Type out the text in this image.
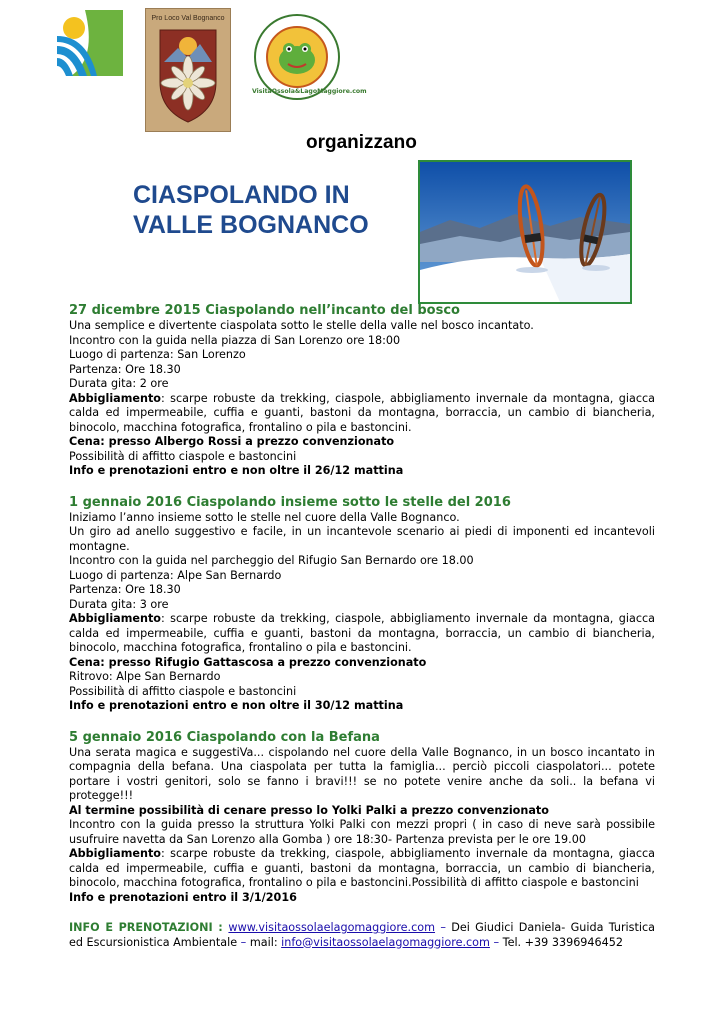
Pro Loco Val Bognanco
VisitaOssola&LagoMaggiore.com
organizzano
CIASPOLANDO IN
VALLE BOGNANCO
27 dicembre 2015 Ciaspolando nell’incanto del bosco
Una semplice e divertente ciaspolata sotto le stelle della valle nel bosco incantato.
Incontro con la guida nella piazza di San Lorenzo ore 18:00
Luogo di partenza: San Lorenzo
Partenza: Ore 18.30
Durata gita: 2 ore
Abbigliamento: scarpe robuste da trekking, ciaspole, abbigliamento invernale da montagna, giacca calda ed impermeabile, cuffia e guanti, bastoni da montagna, borraccia, un cambio di biancheria, binocolo, macchina fotografica, frontalino o pila e bastoncini.
Cena: presso Albergo Rossi a prezzo convenzionato
Possibilità di affitto ciaspole e bastoncini
Info e prenotazioni entro e non oltre il 26/12 mattina
1 gennaio 2016 Ciaspolando insieme sotto le stelle del 2016
Iniziamo l’anno insieme sotto le stelle nel cuore della Valle Bognanco.
Un giro ad anello suggestivo e facile, in un incantevole scenario ai piedi di imponenti ed incantevoli montagne.
Incontro con la guida nel parcheggio del Rifugio San Bernardo ore 18.00
Luogo di partenza: Alpe San Bernardo
Partenza: Ore 18.30
Durata gita: 3 ore
Abbigliamento: scarpe robuste da trekking, ciaspole, abbigliamento invernale da montagna, giacca calda ed impermeabile, cuffia e guanti, bastoni da montagna, borraccia, un cambio di biancheria, binocolo, macchina fotografica, frontalino o pila e bastoncini.
Cena: presso Rifugio Gattascosa a prezzo convenzionato
Ritrovo: Alpe San Bernardo
Possibilità di affitto ciaspole e bastoncini
Info e prenotazioni entro e non oltre il 30/12 mattina
5 gennaio 2016 Ciaspolando con la Befana
Una serata magica e suggestiVa... cispolando nel cuore della Valle Bognanco, in un bosco incantato in compagnia della befana. Una ciaspolata per tutta la famiglia... perciò piccoli ciaspolatori... potete portare i vostri genitori, solo se fanno i bravi!!! se no potete venire anche da soli.. la befana vi protegge!!!
Al termine possibilità di cenare presso lo Yolki Palki a prezzo convenzionato
Incontro con la guida presso la struttura Yolki Palki con mezzi propri ( in caso di neve sarà possibile usufruire navetta da San Lorenzo alla Gomba ) ore 18:30- Partenza prevista per le ore 19.00
Abbigliamento: scarpe robuste da trekking, ciaspole, abbigliamento invernale da montagna, giacca calda ed impermeabile, cuffia e guanti, bastoni da montagna, borraccia, un cambio di biancheria, binocolo, macchina fotografica, frontalino o pila e bastoncini.Possibilità di affitto ciaspole e bastoncini
Info e prenotazioni entro il 3/1/2016
INFO E PRENOTAZIONI : www.visitaossolaelagomaggiore.com – Dei Giudici Daniela- Guida Turistica ed Escursionistica Ambientale – mail: info@visitaossolaelagomaggiore.com – Tel. +39 3396946452
